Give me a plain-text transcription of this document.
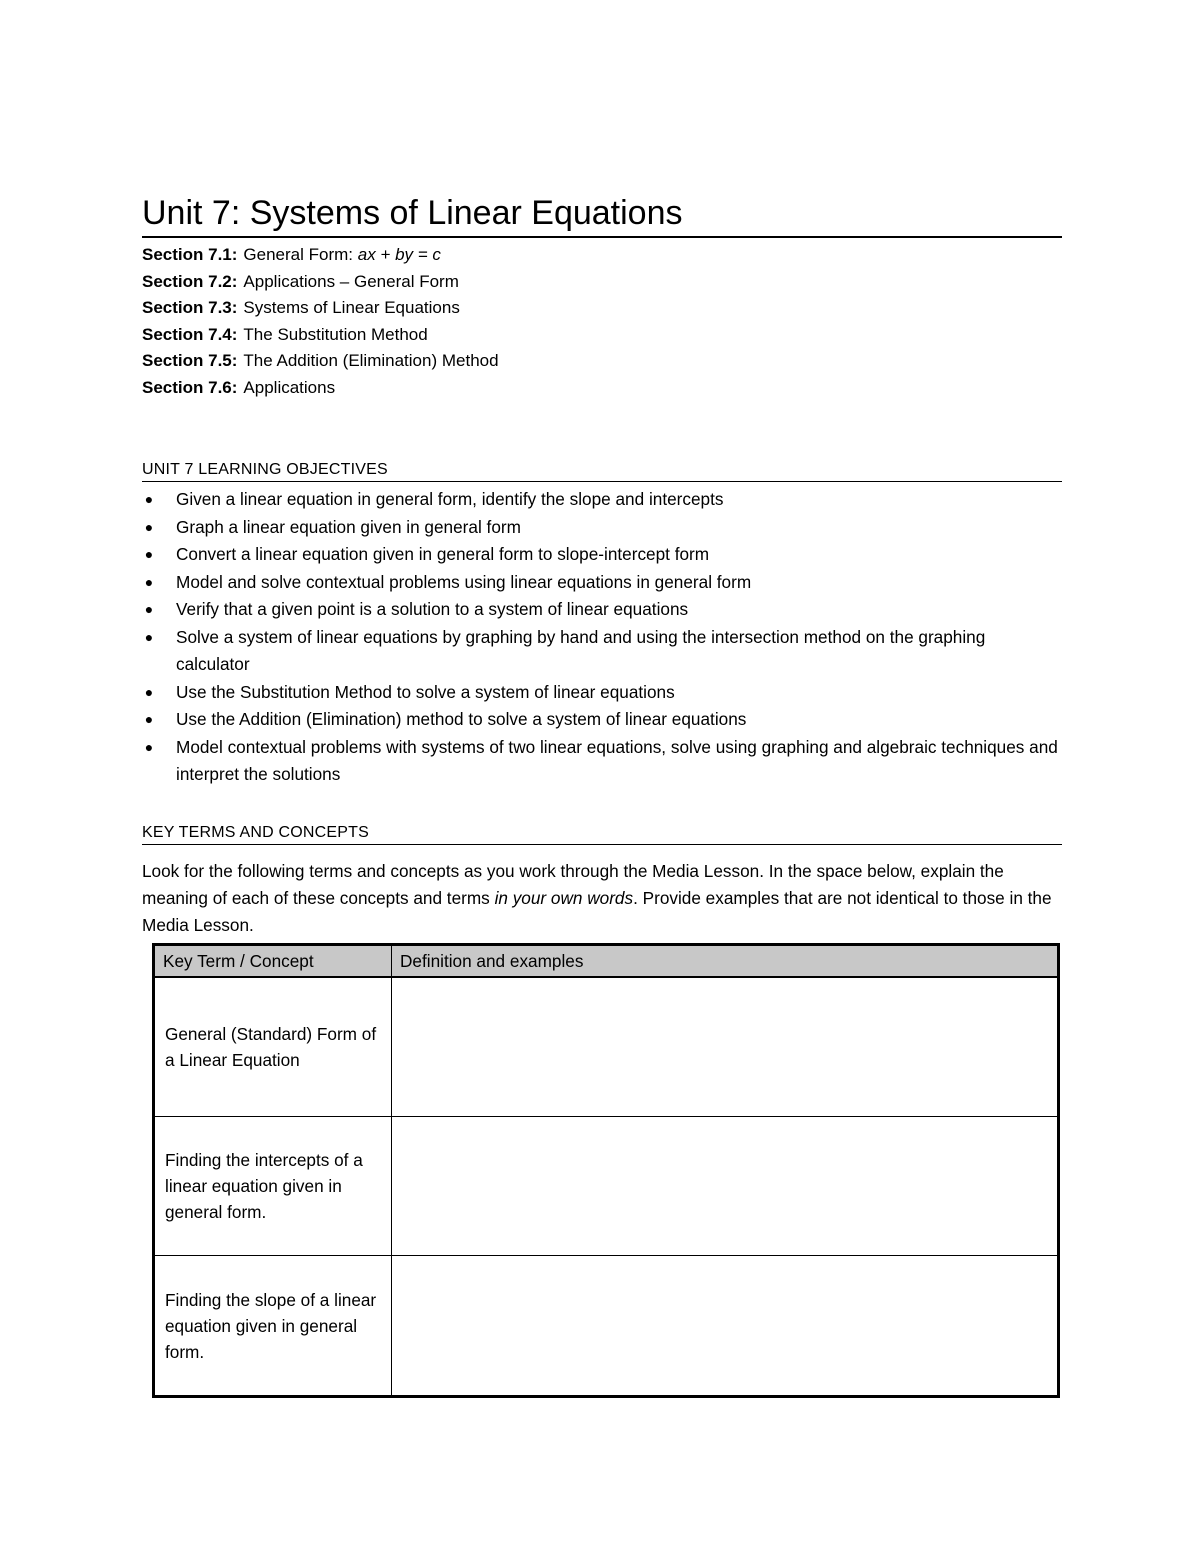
Unit 7: Systems of Linear Equations
Section 7.1: General Form: ax + by = c
Section 7.2: Applications – General Form
Section 7.3: Systems of Linear Equations
Section 7.4: The Substitution Method
Section 7.5: The Addition (Elimination) Method
Section 7.6: Applications
UNIT 7 LEARNING OBJECTIVES
● Given a linear equation in general form, identify the slope and intercepts
● Graph a linear equation given in general form
● Convert a linear equation given in general form to slope-intercept form
● Model and solve contextual problems using linear equations in general form
● Verify that a given point is a solution to a system of linear equations
● Solve a system of linear equations by graphing by hand and using the intersection method on the graphing calculator
● Use the Substitution Method to solve a system of linear equations
● Use the Addition (Elimination) method to solve a system of linear equations
● Model contextual problems with systems of two linear equations, solve using graphing and algebraic techniques and interpret the solutions
KEY TERMS AND CONCEPTS
Look for the following terms and concepts as you work through the Media Lesson. In the space below, explain the meaning of each of these concepts and terms in your own words. Provide examples that are not identical to those in the Media Lesson.
Key Term / Concept	Definition and examples
General (Standard) Form of a Linear Equation	
Finding the intercepts of a linear equation given in general form.	
Finding the slope of a linear equation given in general form.	
